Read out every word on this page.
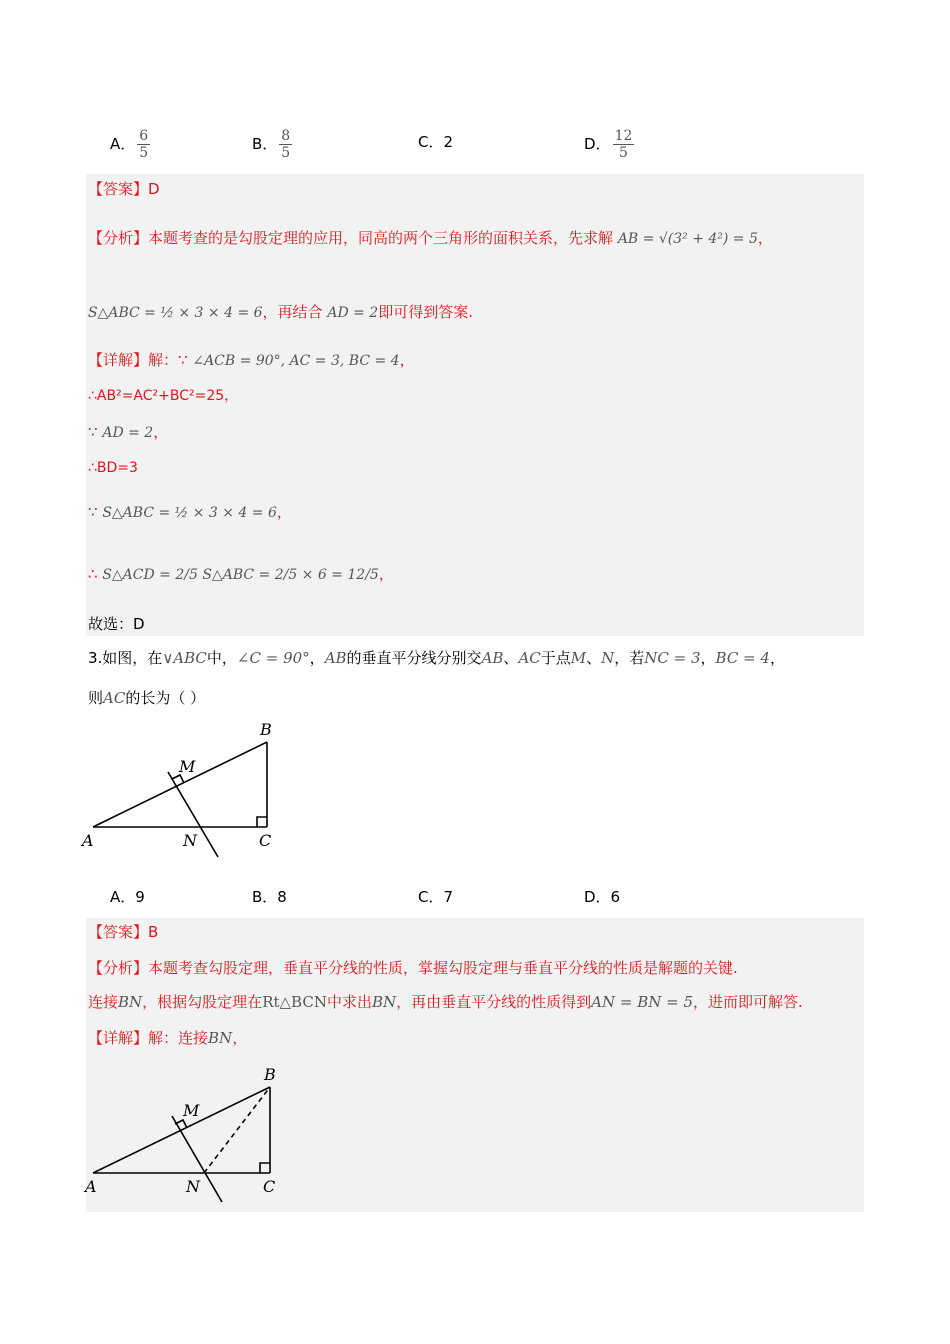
A． $\frac{6}{5}$	B． $\frac{8}{5}$	C．2	D． $\frac{12}{5}$
【答案】D
【分析】本题考查的是勾股定理的应用，同高的两个三角形的面积关系，先求解 AB = √(3² + 4²) = 5，
S△ABC = ½ × 3 × 4 = 6，再结合 AD = 2即可得到答案.
【详解】解：∵ ∠ACB = 90°, AC = 3, BC = 4，
∴AB²=AC²+BC²=25，
∵ AD = 2，
∴BD=3
∵ S△ABC = ½ × 3 × 4 = 6，
∴ S△ACD = 2/5 S△ABC = 2/5 × 6 = 12/5，
故选：D
3.如图，在∨ABC中，∠C = 90°，AB的垂直平分线分别交AB、AC于点M、N，若NC = 3，BC = 4，
则AC的长为（ ）
A
B
C
M
N
A．9	B．8	C．7	D．6
【答案】B
【分析】本题考查勾股定理，垂直平分线的性质，掌握勾股定理与垂直平分线的性质是解题的关键.
连接BN，根据勾股定理在Rt△BCN中求出BN，再由垂直平分线的性质得到AN = BN = 5，进而即可解答.
【详解】解：连接BN，
A
B
C
M
N
